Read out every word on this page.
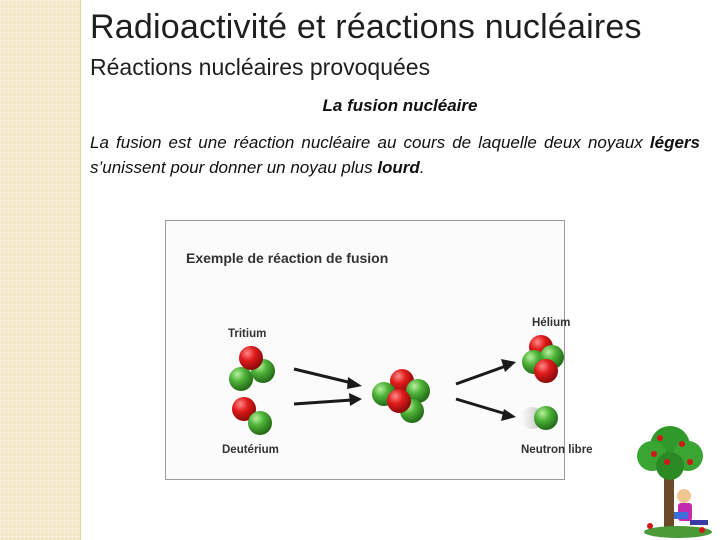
Radioactivité et réactions nucléaires
Réactions nucléaires provoquées
La fusion nucléaire

La fusion est une réaction nucléaire au cours de laquelle deux noyaux légers s’unissent pour donner un noyau plus lourd.

Exemple de réaction de fusion
Tritium
Deutérium
Hélium
Neutron libre
